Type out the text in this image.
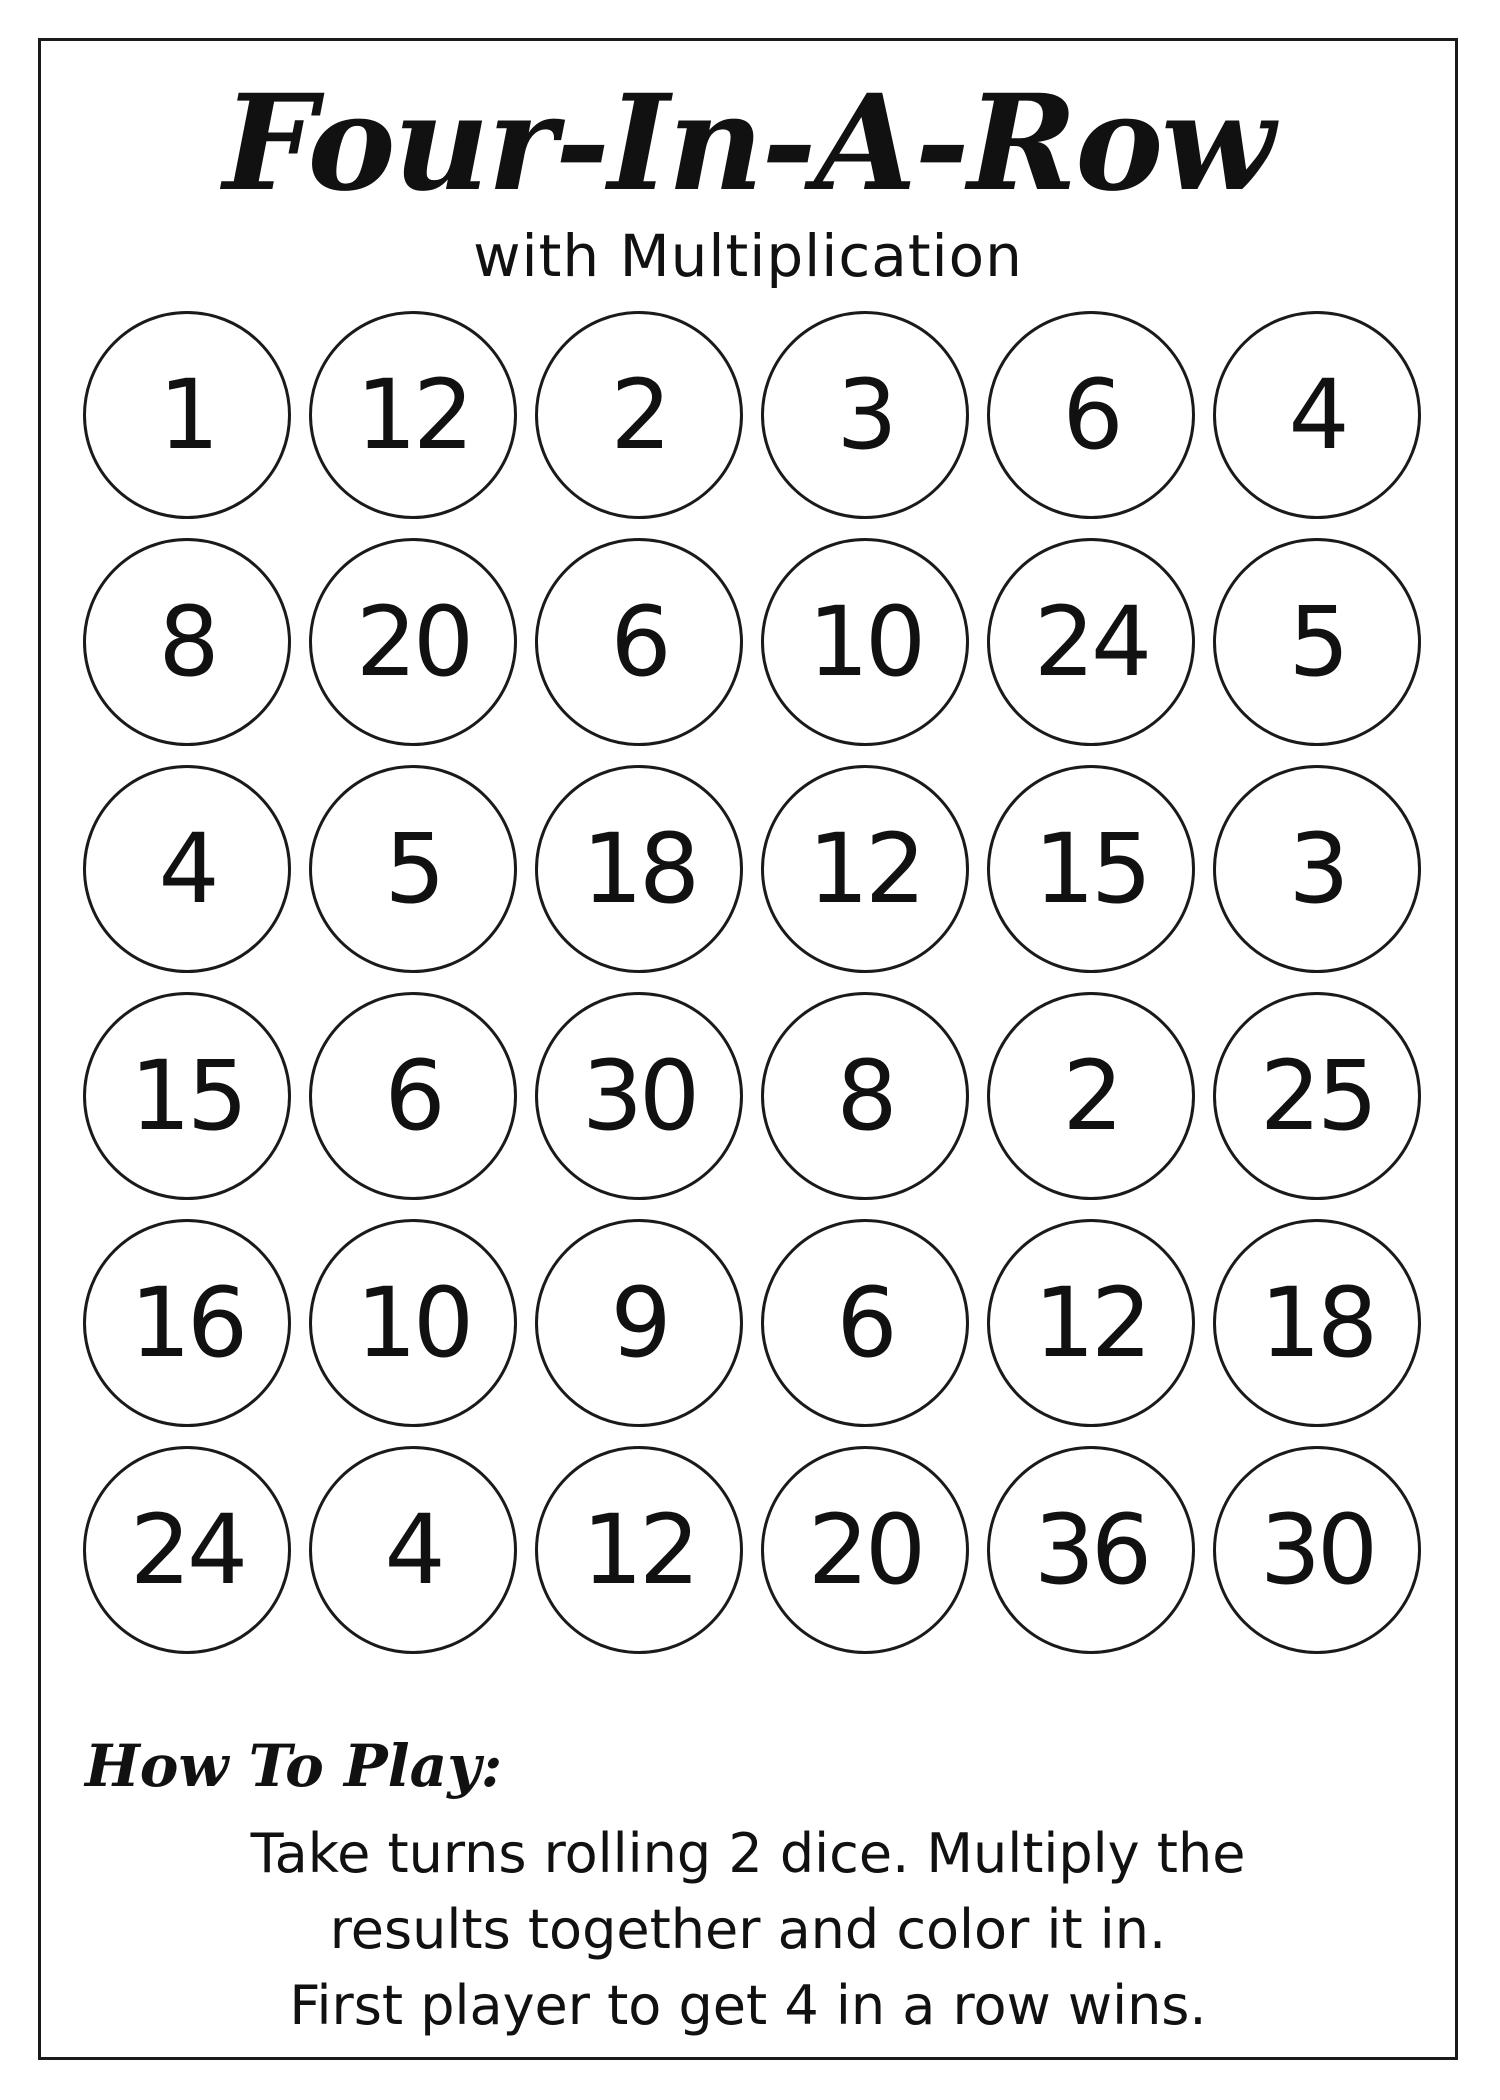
Four-In-A-Row
with Multiplication
1	12	2	3	6	4
8	20	6	10	24	5
4	5	18	12	15	3
15	6	30	8	2	25
16	10	9	6	12	18
24	4	12	20	36	30
How To Play:
Take turns rolling 2 dice. Multiply the
results together and color it in.
First player to get 4 in a row wins.
